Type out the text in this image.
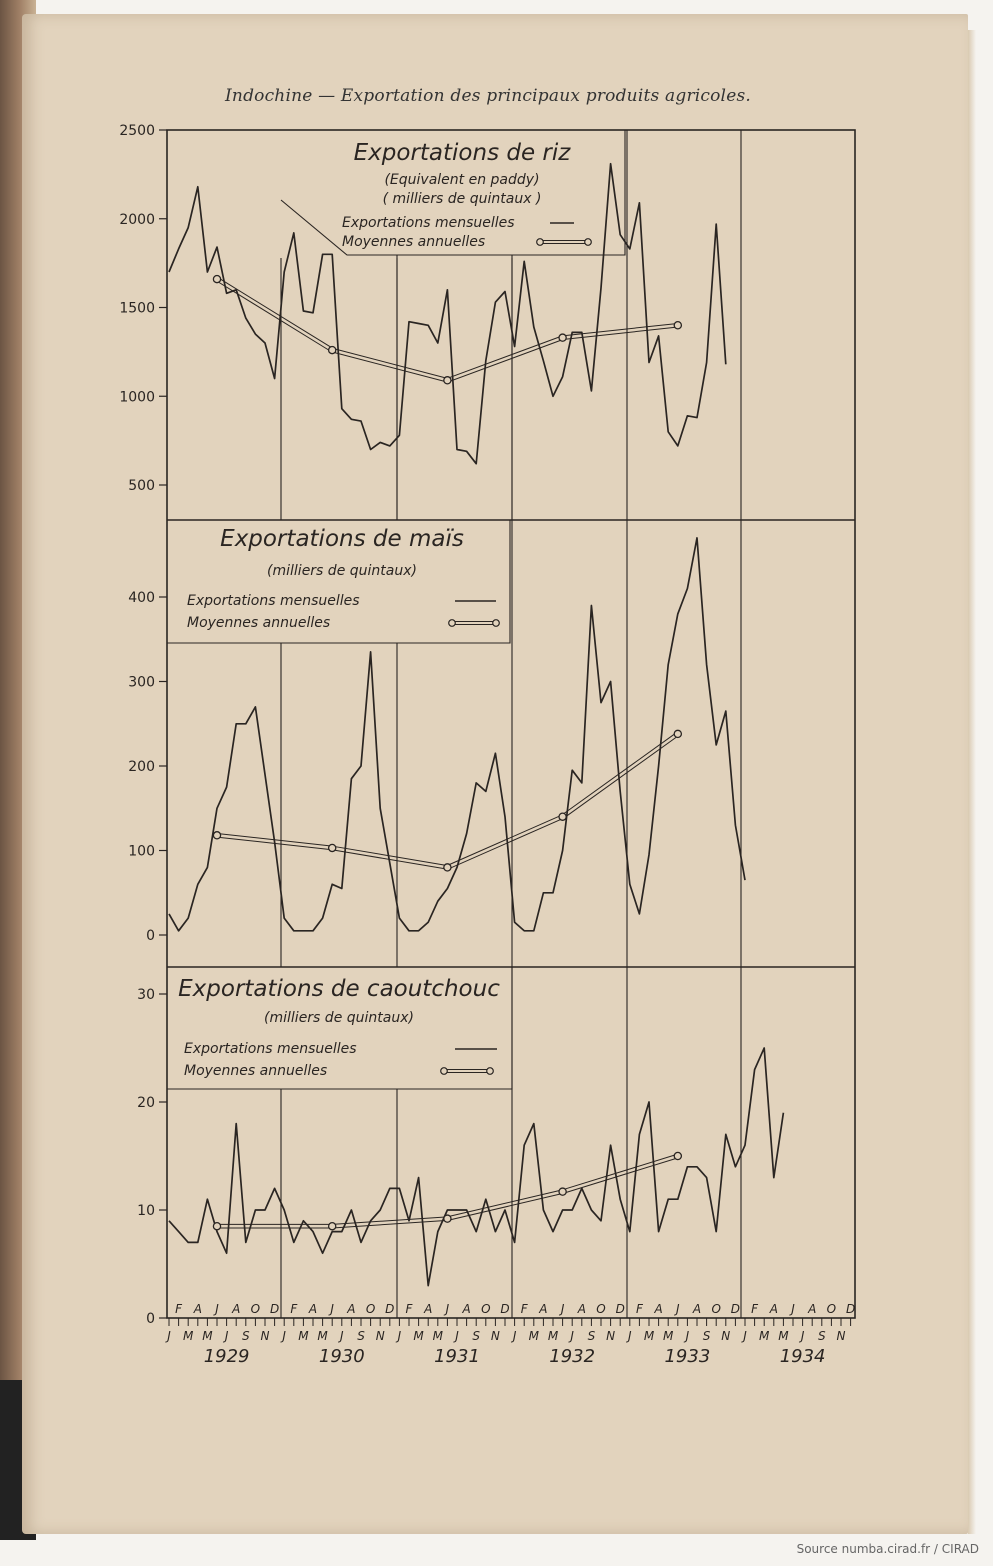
Indochine — Exportation des principaux produits agricoles.
500
1000
1500
2000
2500
Exportations de riz
(Equivalent en paddy)
( milliers de quintaux )
Exportations mensuelles
Moyennes annuelles
0
100
200
300
400
Exportations de maïs
(milliers de quintaux)
Exportations mensuelles
Moyennes annuelles
0
10
20
30 Exportations de caoutchouc
(milliers de quintaux)
Exportations mensuelles
Moyennes annuelles
J
F
M
A
M
J
J
A
S
O
N
D
1929
J
F
M
A
M
J
J
A
S
O
N
D
1930
J
F
M
A
M
J
J
A
S
O
N
D
1931
J
F
M
A
M
J
J
A
S
O
N
D
1932
J
F
M
A
M
J
J
A
S
O
N
D
1933
J
F
M
A
M
J
J
A
S
O
N
D
1934
Source numba.cirad.fr / CIRAD
